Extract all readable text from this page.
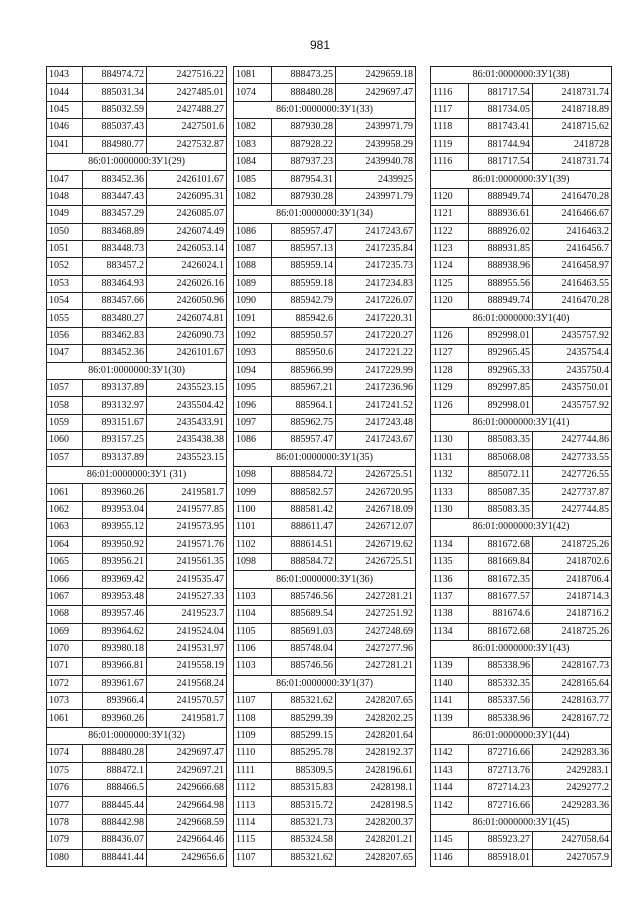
981
1043	884974.72	2427516.22
1044	885031.34	2427485.01
1045	885032.59	2427488.27
1046	885037.43	2427501.6
1041	884980.77	2427532.87
86:01:0000000:ЗУ1(29)		
1047	883452.36	2426101.67
1048	883447.43	2426095.31
1049	883457.29	2426085.07
1050	883468.89	2426074.49
1051	883448.73	2426053.14
1052	883457.2	2426024.1
1053	883464.93	2426026.16
1054	883457.66	2426050.96
1055	883480.27	2426074.81
1056	883462.83	2426090.73
1047	883452.36	2426101.67
86:01:0000000:ЗУ1(30)		
1057	893137.89	2435523.15
1058	893132.97	2435504.42
1059	893151.67	2435433.91
1060	893157.25	2435438.38
1057	893137.89	2435523.15
86:01:0000000:ЗУ1 (31)		
1061	893960.26	2419581.7
1062	893953.04	2419577.85
1063	893955.12	2419573.95
1064	893950.92	2419571.76
1065	893956.21	2419561.35
1066	893969.42	2419535.47
1067	893953.48	2419527.33
1068	893957.46	2419523.7
1069	893964.62	2419524.04
1070	893980.18	2419531.97
1071	893966.81	2419558.19
1072	893961.67	2419568.24
1073	893966.4	2419570.57
1061	893960.26	2419581.7
86:01:0000000:ЗУ1(32)		
1074	888480.28	2429697.47
1075	888472.1	2429697.21
1076	888466.5	2429666.68
1077	888445.44	2429664.98
1078	888442.98	2429668.59
1079	888436.07	2429664.46
1080	888441.44	2429656.6
1081	888473.25	2429659.18
1074	888480.28	2429697.47
86:01:0000000:ЗУ1(33)		
1082	887930.28	2439971.79
1083	887928.22	2439958.29
1084	887937.23	2439940.78
1085	887954.31	2439925
1082	887930.28	2439971.79
86:01:0000000:ЗУ1(34)		
1086	885957.47	2417243.67
1087	885957.13	2417235.84
1088	885959.14	2417235.73
1089	885959.18	2417234.83
1090	885942.79	2417226.07
1091	885942.6	2417220.31
1092	885950.57	2417220.27
1093	885950.6	2417221.22
1094	885966.99	2417229.99
1095	885967.21	2417236.96
1096	885964.1	2417241.52
1097	885962.75	2417243.48
1086	885957.47	2417243.67
86:01:0000000:ЗУ1(35)		
1098	888584.72	2426725.51
1099	888582.57	2426720.95
1100	888581.42	2426718.09
1101	888611.47	2426712.07
1102	888614.51	2426719.62
1098	888584.72	2426725.51
86:01:0000000:ЗУ1(36)		
1103	885746.56	2427281.21
1104	885689.54	2427251.92
1105	885691.03	2427248.69
1106	885748.04	2427277.96
1103	885746.56	2427281.21
86:01:0000000:ЗУ1(37)		
1107	885321.62	2428207.65
1108	885299.39	2428202.25
1109	885299.15	2428201.64
1110	885295.78	2428192.37
1111	885309.5	2428196.61
1112	885315.83	2428198.1
1113	885315.72	2428198.5
1114	885321.73	2428200.37
1115	885324.58	2428201.21
1107	885321.62	2428207.65
86:01:0000000:ЗУ1(38)		
1116	881717.54	2418731.74
1117	881734.05	2418718.89
1118	881743.41	2418715.62
1119	881744.94	2418728
1116	881717.54	2418731.74
86:01:0000000:ЗУ1(39)		
1120	888949.74	2416470.28
1121	888936.61	2416466.67
1122	888926.02	2416463.2
1123	888931.85	2416456.7
1124	888938.96	2416458.97
1125	888955.56	2416463.55
1120	888949.74	2416470.28
86:01:0000000:ЗУ1(40)		
1126	892998.01	2435757.92
1127	892965.45	2435754.4
1128	892965.33	2435750.4
1129	892997.85	2435750.01
1126	892998.01	2435757.92
86:01:0000000:ЗУ1(41)		
1130	885083.35	2427744.86
1131	885068.08	2427733.55
1132	885072.11	2427726.55
1133	885087.35	2427737.87
1130	885083.35	2427744.85
86:01:0000000:ЗУ1(42)		
1134	881672.68	2418725.26
1135	881669.84	2418702.6
1136	881672.35	2418706.4
1137	881677.57	2418714.3
1138	881674.6	2418716.2
1134	881672.68	2418725.26
86:01:0000000:ЗУ1(43)		
1139	885338.96	2428167.73
1140	885332.35	2428165.64
1141	885337.56	2428163.77
1139	885338.96	2428167.72
86:01:0000000:ЗУ1(44)		
1142	872716.66	2429283.36
1143	872713.76	2429283.1
1144	872714.23	2429277.2
1142	872716.66	2429283.36
86:01:0000000:ЗУ1(45)		
1145	885923.27	2427058.64
1146	885918.01	2427057.9
